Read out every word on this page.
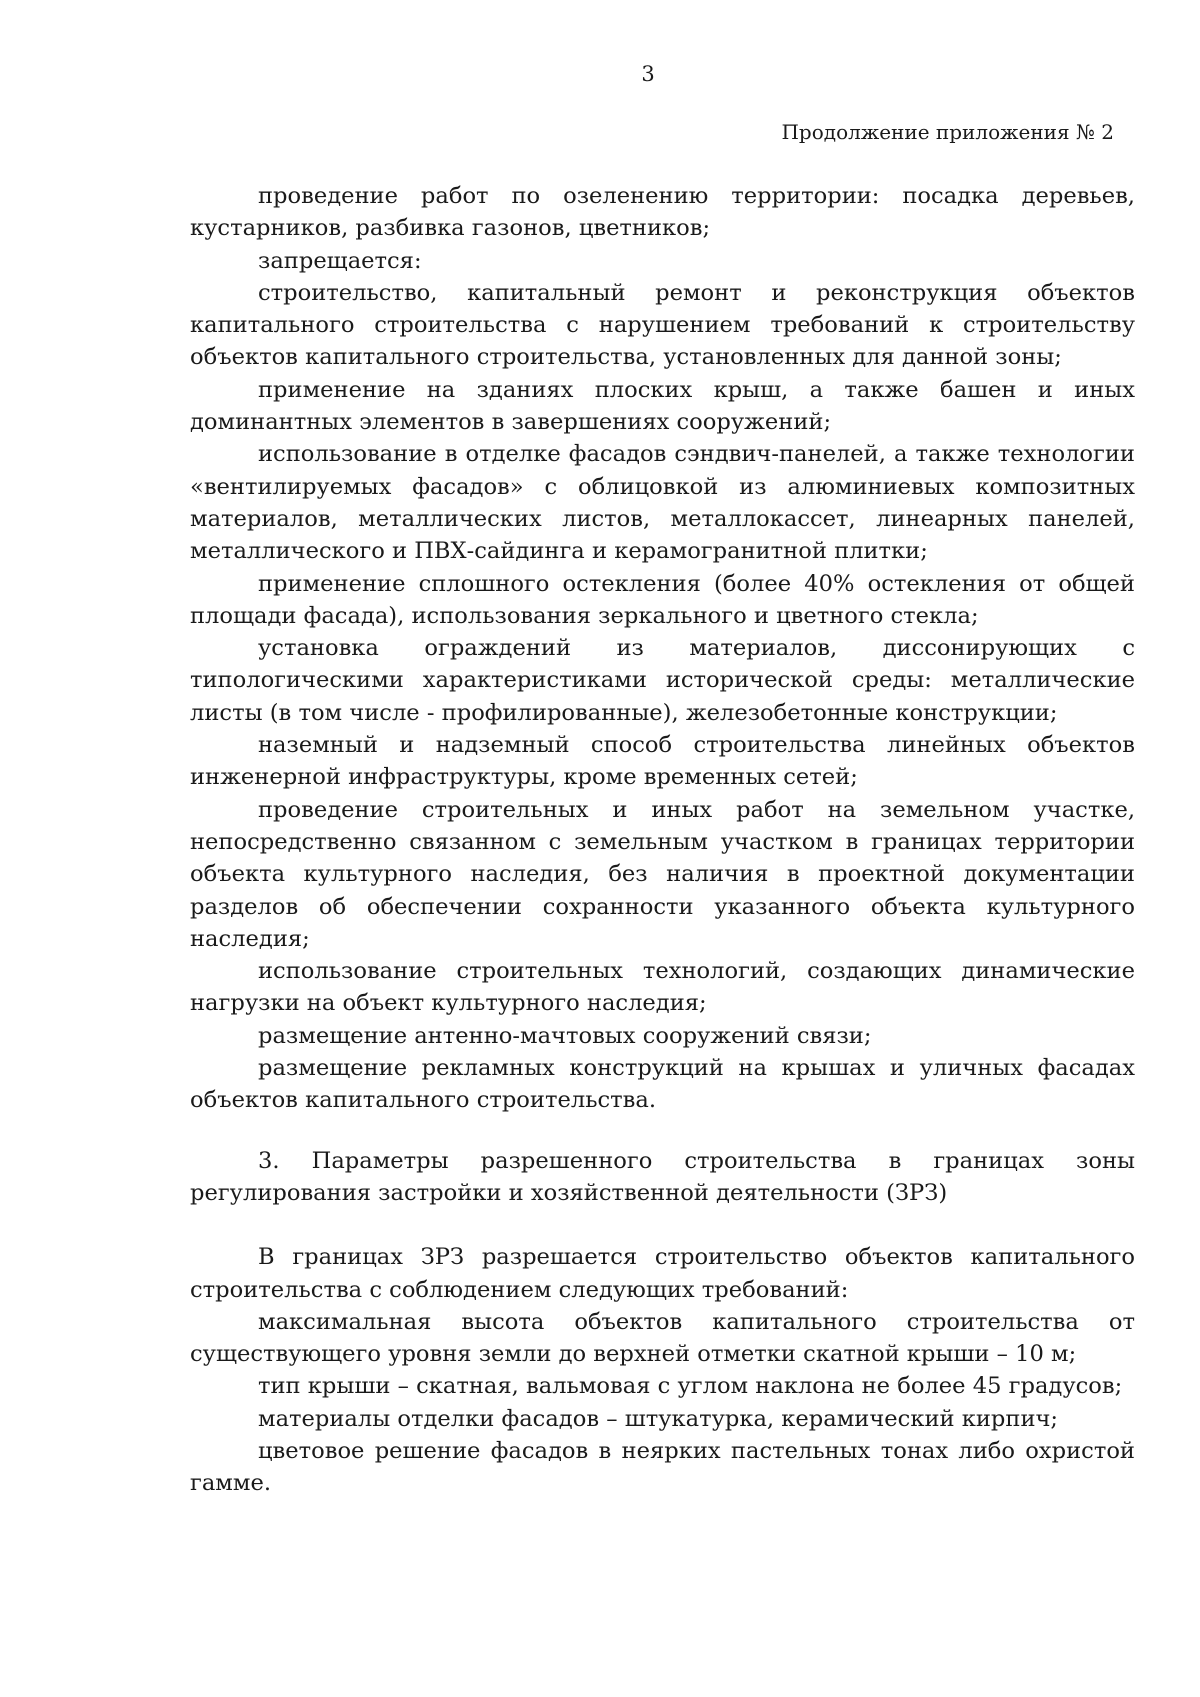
3
Продолжение приложения № 2

проведение работ по озеленению территории: посадка деревьев, кустарников, разбивка газонов, цветников;

запрещается:

строительство, капитальный ремонт и реконструкция объектов капитального строительства с нарушением требований к строительству объектов капитального строительства, установленных для данной зоны;

применение на зданиях плоских крыш, а также башен и иных доминантных элементов в завершениях сооружений;

использование в отделке фасадов сэндвич-панелей, а также технологии «вентилируемых фасадов» с облицовкой из алюминиевых композитных материалов, металлических листов, металлокассет, линеарных панелей, металлического и ПВХ-сайдинга и керамогранитной плитки;

применение сплошного остекления (более 40% остекления от общей площади фасада), использования зеркального и цветного стекла;

установка ограждений из материалов, диссонирующих с типологическими характеристиками исторической среды: металлические листы (в том числе - профилированные), железобетонные конструкции;

наземный и надземный способ строительства линейных объектов инженерной инфраструктуры, кроме временных сетей;

проведение строительных и иных работ на земельном участке, непосредственно связанном с земельным участком в границах территории объекта культурного наследия, без наличия в проектной документации разделов об обеспечении сохранности указанного объекта культурного наследия;

использование строительных технологий, создающих динамические нагрузки на объект культурного наследия;

размещение антенно-мачтовых сооружений связи;

размещение рекламных конструкций на крышах и уличных фасадах объектов капитального строительства.

3. Параметры разрешенного строительства в границах зоны регулирования застройки и хозяйственной деятельности (ЗРЗ)

В границах ЗРЗ разрешается строительство объектов капитального строительства с соблюдением следующих требований:

максимальная высота объектов капитального строительства от существующего уровня земли до верхней отметки скатной крыши – 10 м;

тип крыши – скатная, вальмовая с углом наклона не более 45 градусов;

материалы отделки фасадов – штукатурка, керамический кирпич;

цветовое решение фасадов в неярких пастельных тонах либо охристой гамме.
